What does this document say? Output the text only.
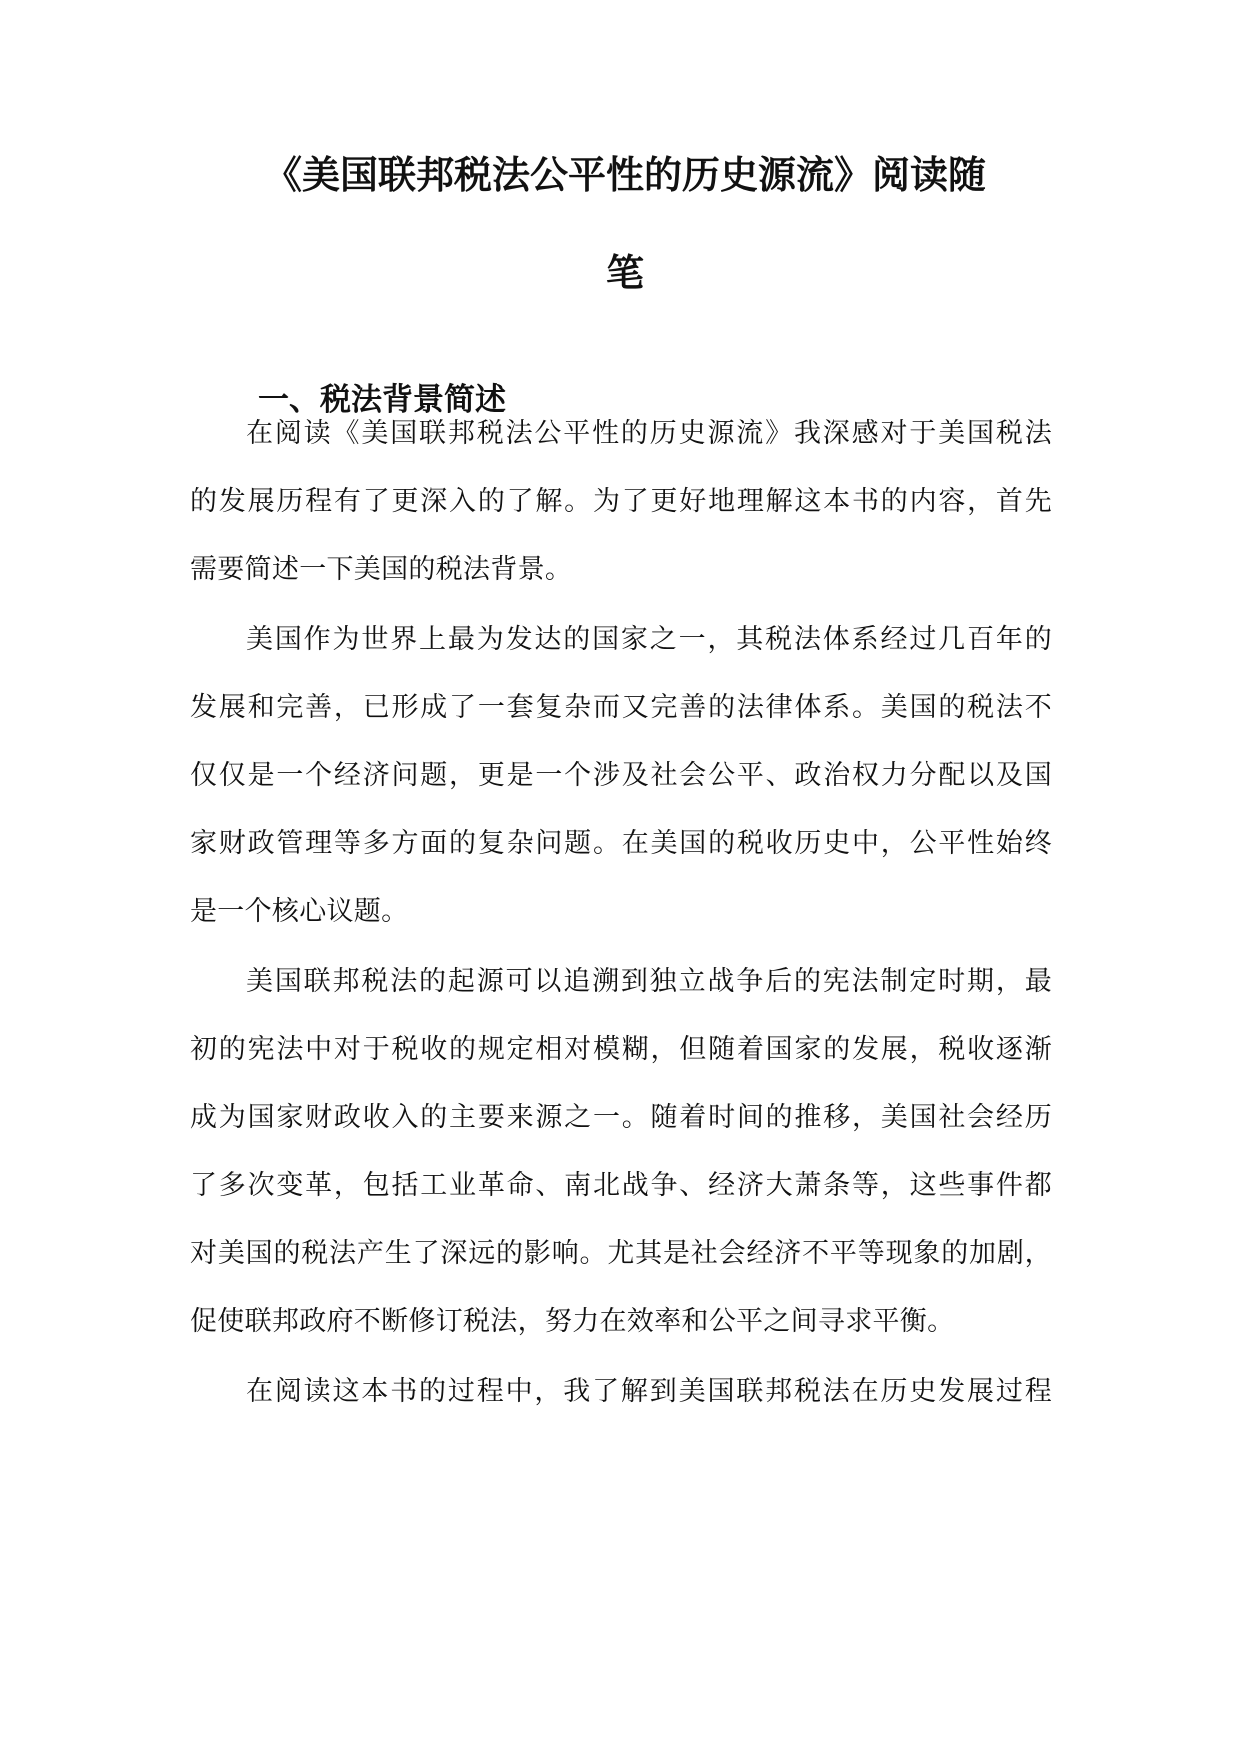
《美国联邦税法公平性的历史源流》阅读随
笔
一、税法背景简述
在阅读《美国联邦税法公平性的历史源流》我深感对于美国税法
的发展历程有了更深入的了解。为了更好地理解这本书的内容，首先
需要简述一下美国的税法背景。
美国作为世界上最为发达的国家之一，其税法体系经过几百年的
发展和完善，已形成了一套复杂而又完善的法律体系。美国的税法不
仅仅是一个经济问题，更是一个涉及社会公平、政治权力分配以及国
家财政管理等多方面的复杂问题。在美国的税收历史中，公平性始终
是一个核心议题。
美国联邦税法的起源可以追溯到独立战争后的宪法制定时期，最
初的宪法中对于税收的规定相对模糊，但随着国家的发展，税收逐渐
成为国家财政收入的主要来源之一。随着时间的推移，美国社会经历
了多次变革，包括工业革命、南北战争、经济大萧条等，这些事件都
对美国的税法产生了深远的影响。尤其是社会经济不平等现象的加剧，
促使联邦政府不断修订税法，努力在效率和公平之间寻求平衡。
在阅读这本书的过程中，我了解到美国联邦税法在历史发展过程
